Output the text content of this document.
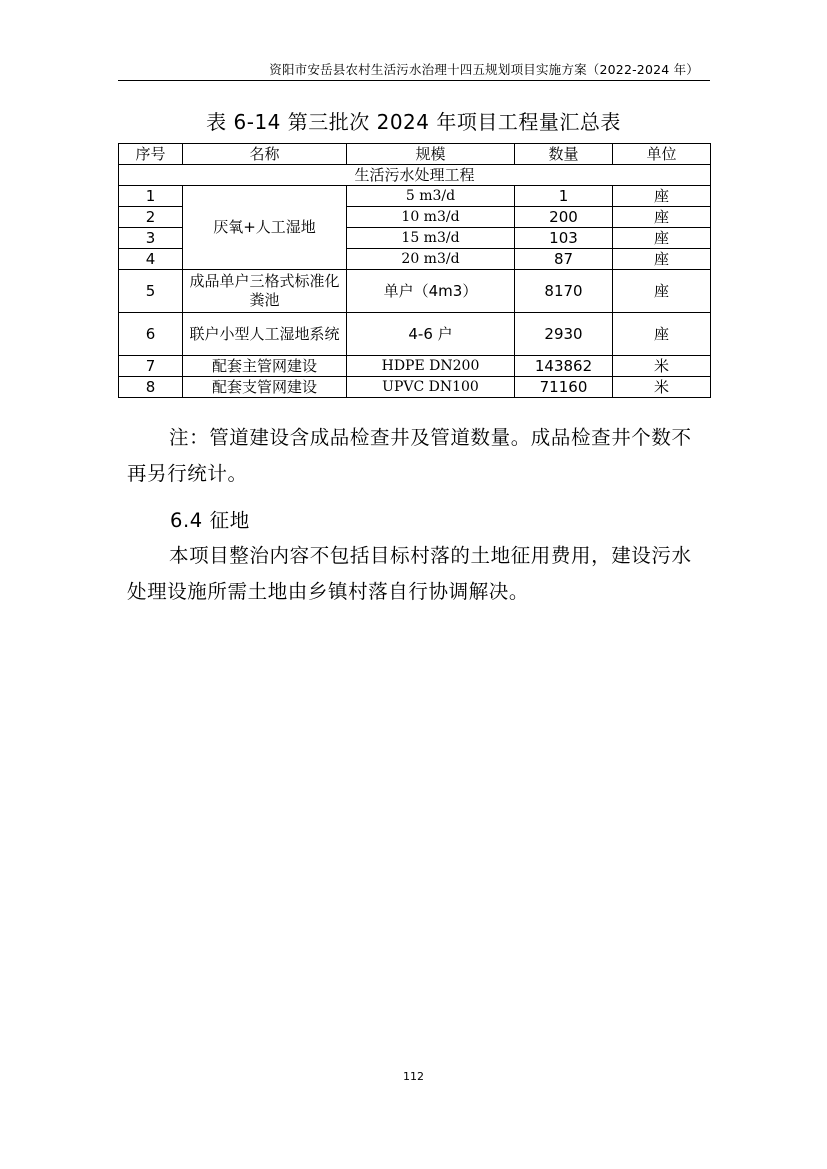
资阳市安岳县农村生活污水治理十四五规划项目实施方案（2022-2024 年）
表 6-14 第三批次 2024 年项目工程量汇总表
序号	名称	规模	数量	单位
生活污水处理工程				
1	厌氧+人工湿地	5 m3/d	1	座
2		10 m3/d	200	座
3		15 m3/d	103	座
4		20 m3/d	87	座
5	成品单户三格式标准化粪池	单户（4m3）	8170	座
6	联户小型人工湿地系统	4-6 户	2930	座
7	配套主管网建设	HDPE DN200	143862	米
8	配套支管网建设	UPVC DN100	71160	米
注：管道建设含成品检查井及管道数量。成品检查井个数不再另行统计。
6.4 征地
本项目整治内容不包括目标村落的土地征用费用，建设污水处理设施所需土地由乡镇村落自行协调解决。
112
